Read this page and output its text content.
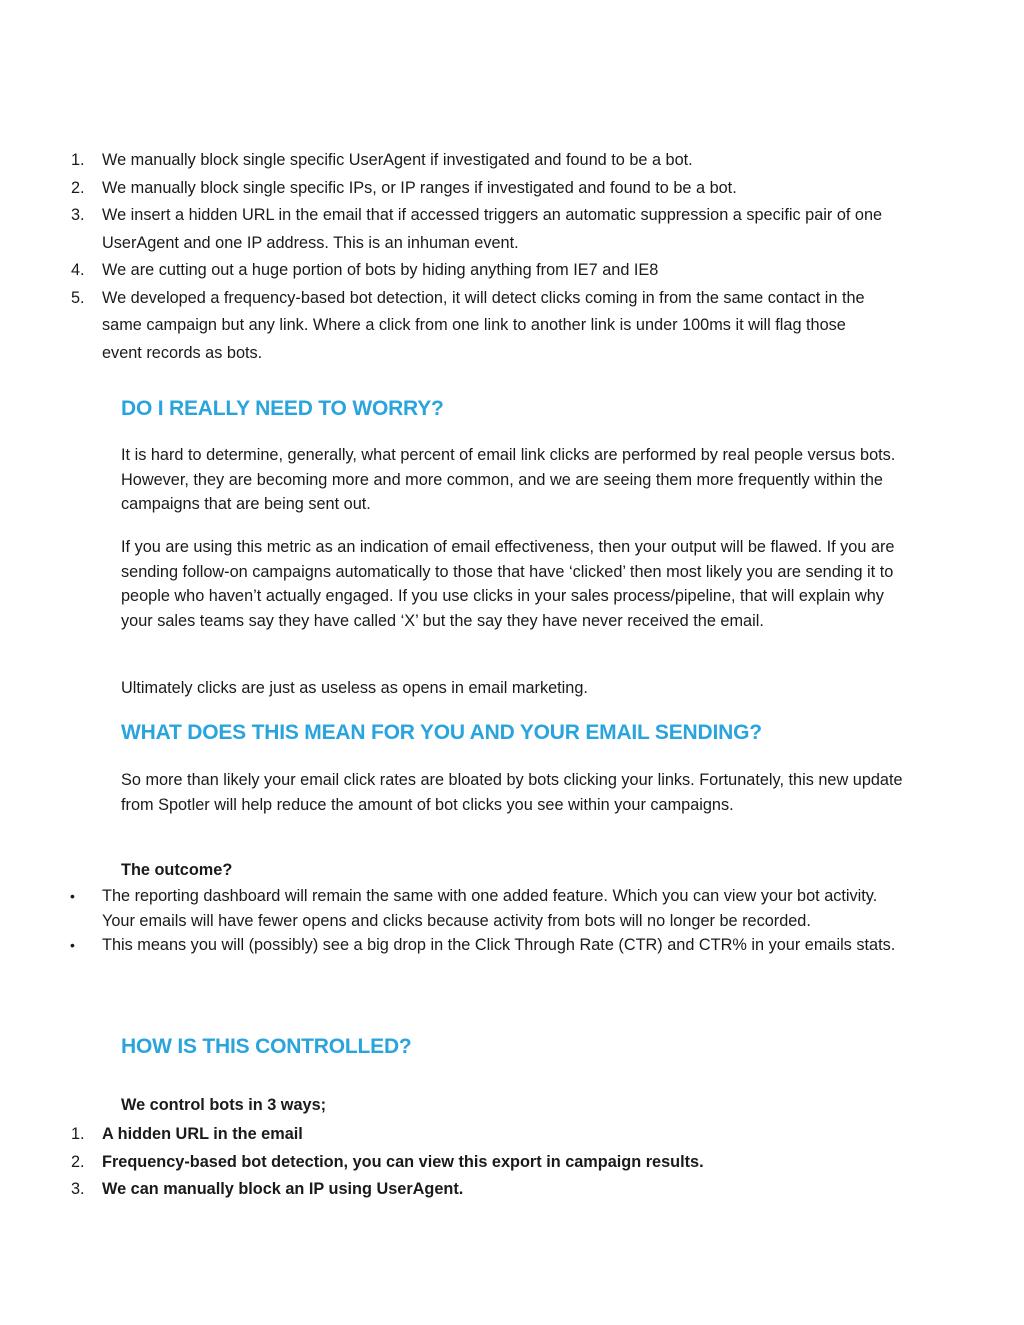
1. We manually block single specific UserAgent if investigated and found to be a bot.
2. We manually block single specific IPs, or IP ranges if investigated and found to be a bot.
3. We insert a hidden URL in the email that if accessed triggers an automatic suppression a specific pair of one UserAgent and one IP address. This is an inhuman event.
4. We are cutting out a huge portion of bots by hiding anything from IE7 and IE8
5. We developed a frequency-based bot detection, it will detect clicks coming in from the same contact in the same campaign but any link. Where a click from one link to another link is under 100ms it will flag those event records as bots.
DO I REALLY NEED TO WORRY?

It is hard to determine, generally, what percent of email link clicks are performed by real people versus bots. However, they are becoming more and more common, and we are seeing them more frequently within the campaigns that are being sent out.

If you are using this metric as an indication of email effectiveness, then your output will be flawed. If you are sending follow-on campaigns automatically to those that have ‘clicked’ then most likely you are sending it to people who haven’t actually engaged. If you use clicks in your sales process/pipeline, that will explain why your sales teams say they have called ‘X’ but the say they have never received the email.

Ultimately clicks are just as useless as opens in email marketing.

WHAT DOES THIS MEAN FOR YOU AND YOUR EMAIL SENDING?

So more than likely your email click rates are bloated by bots clicking your links. Fortunately, this new update from Spotler will help reduce the amount of bot clicks you see within your campaigns.

The outcome?

• The reporting dashboard will remain the same with one added feature. Which you can view your bot activity. Your emails will have fewer opens and clicks because activity from bots will no longer be recorded.
• This means you will (possibly) see a big drop in the Click Through Rate (CTR) and CTR% in your emails stats.
HOW IS THIS CONTROLLED?

We control bots in 3 ways;

1. A hidden URL in the email
2. Frequency-based bot detection, you can view this export in campaign results.
3. We can manually block an IP using UserAgent.
